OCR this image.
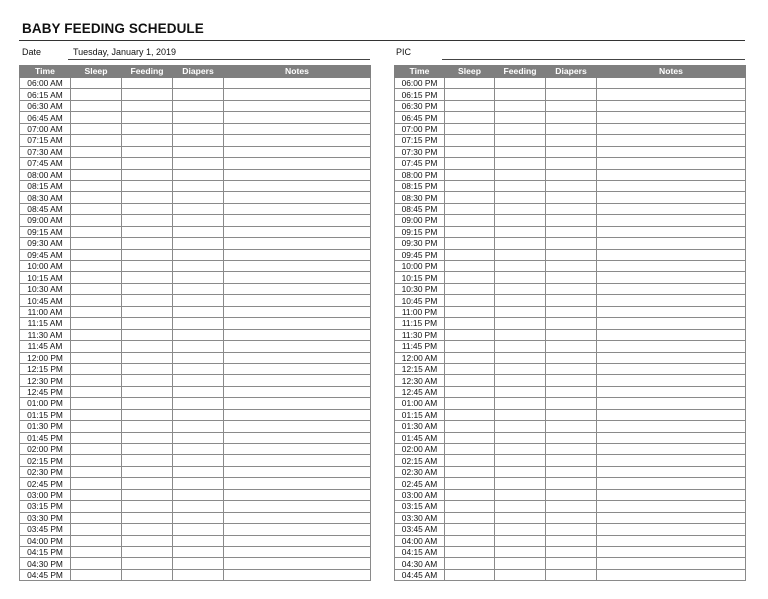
BABY FEEDING SCHEDULE
Date	Tuesday, January 1, 2019	PIC
Time	Sleep	Feeding	Diapers	Notes
06:00 AM				
06:15 AM				
06:30 AM				
06:45 AM				
07:00 AM				
07:15 AM				
07:30 AM				
07:45 AM				
08:00 AM				
08:15 AM				
08:30 AM				
08:45 AM				
09:00 AM				
09:15 AM				
09:30 AM				
09:45 AM				
10:00 AM				
10:15 AM				
10:30 AM				
10:45 AM				
11:00 AM				
11:15 AM				
11:30 AM				
11:45 AM				
12:00 PM				
12:15 PM				
12:30 PM				
12:45 PM				
01:00 PM				
01:15 PM				
01:30 PM				
01:45 PM				
02:00 PM				
02:15 PM				
02:30 PM				
02:45 PM				
03:00 PM				
03:15 PM				
03:30 PM				
03:45 PM				
04:00 PM				
04:15 PM				
04:30 PM				
04:45 PM				
Time	Sleep	Feeding	Diapers	Notes
06:00 PM				
06:15 PM				
06:30 PM				
06:45 PM				
07:00 PM				
07:15 PM				
07:30 PM				
07:45 PM				
08:00 PM				
08:15 PM				
08:30 PM				
08:45 PM				
09:00 PM				
09:15 PM				
09:30 PM				
09:45 PM				
10:00 PM				
10:15 PM				
10:30 PM				
10:45 PM				
11:00 PM				
11:15 PM				
11:30 PM				
11:45 PM				
12:00 AM				
12:15 AM				
12:30 AM				
12:45 AM				
01:00 AM				
01:15 AM				
01:30 AM				
01:45 AM				
02:00 AM				
02:15 AM				
02:30 AM				
02:45 AM				
03:00 AM				
03:15 AM				
03:30 AM				
03:45 AM				
04:00 AM				
04:15 AM				
04:30 AM				
04:45 AM				
